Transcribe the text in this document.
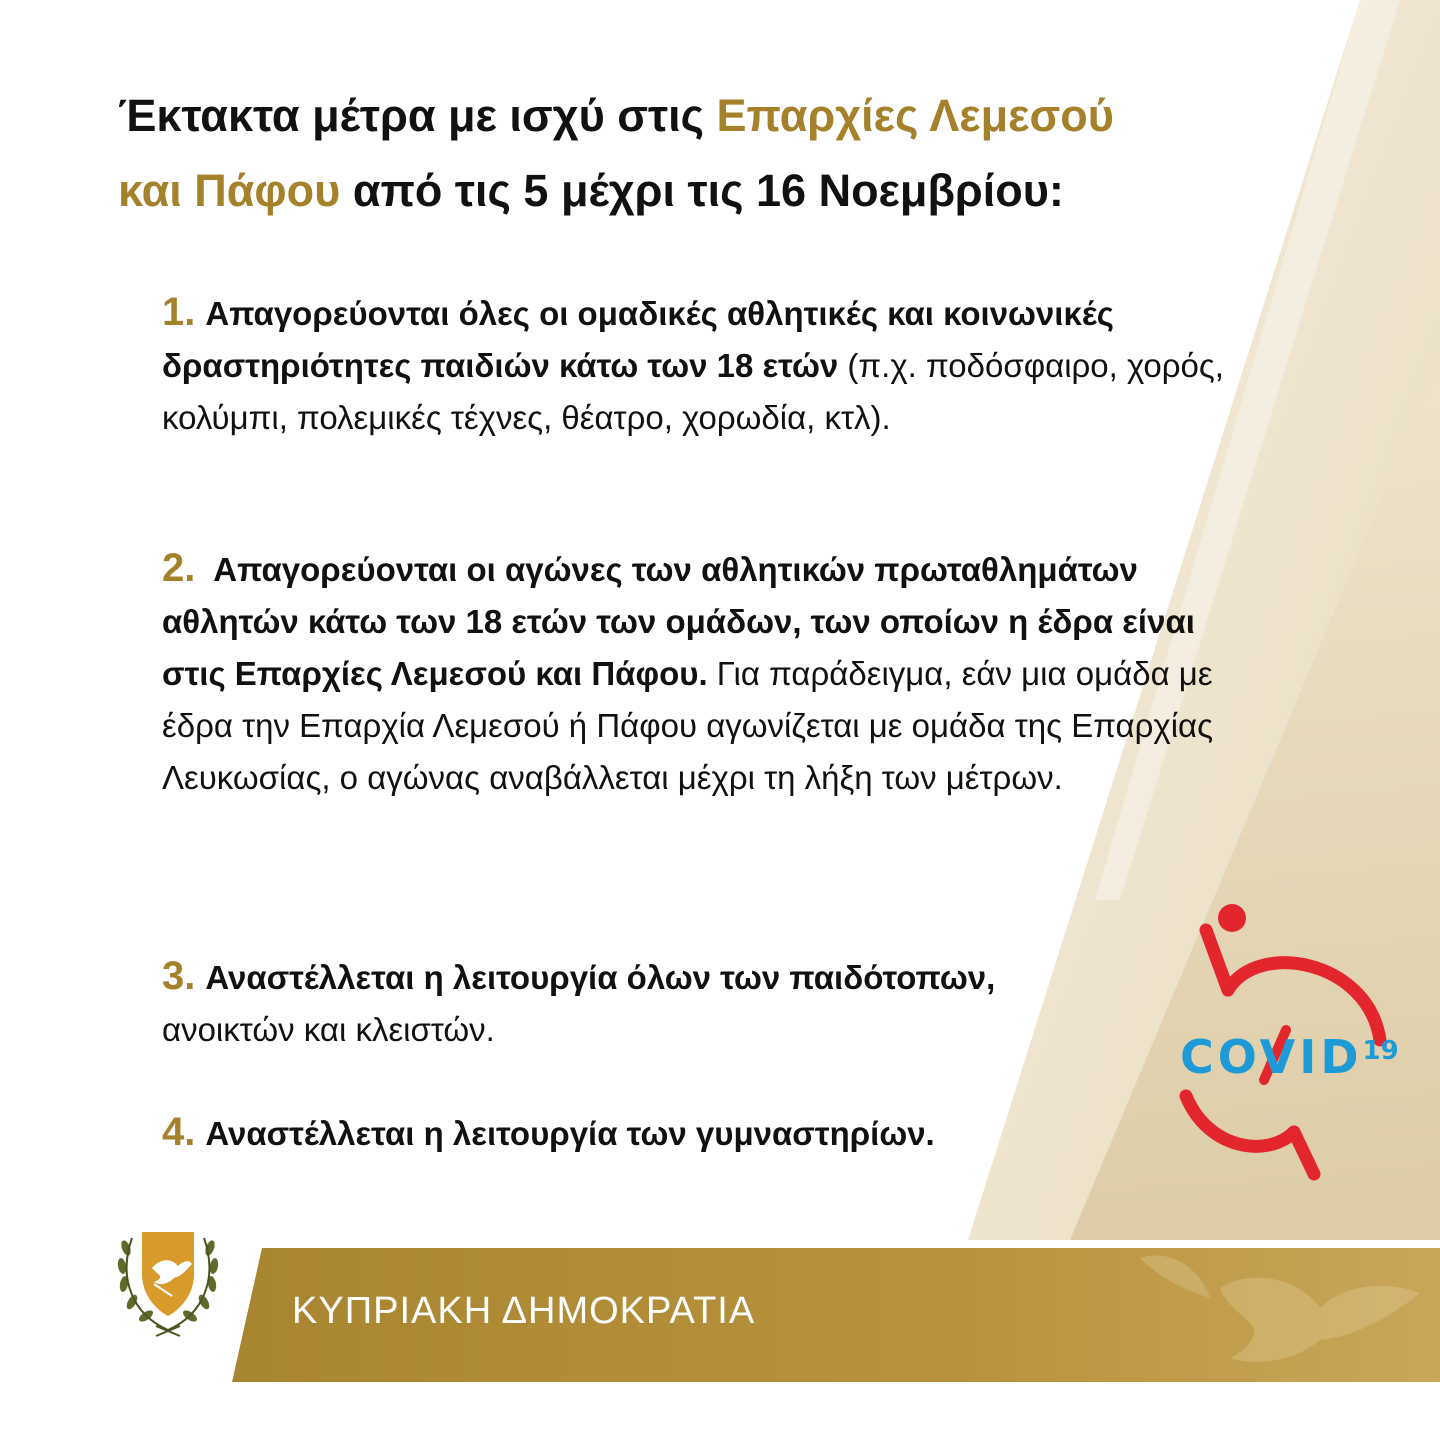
Έκτακτα μέτρα με ισχύ στις Επαρχίες Λεμεσού
και Πάφου από τις 5 μέχρι τις 16 Νοεμβρίου:

1. Απαγορεύονται όλες οι ομαδικές αθλητικές και κοινωνικές δραστηριότητες παιδιών κάτω των 18 ετών (π.χ. ποδόσφαιρο, χορός, κολύμπι, πολεμικές τέχνες, θέατρο, χορωδία, κτλ).

2. Απαγορεύονται οι αγώνες των αθλητικών πρωταθλημάτων αθλητών κάτω των 18 ετών των ομάδων, των οποίων η έδρα είναι στις Επαρχίες Λεμεσού και Πάφου. Για παράδειγμα, εάν μια ομάδα με έδρα την Επαρχία Λεμεσού ή Πάφου αγωνίζεται με ομάδα της Επαρχίας Λευκωσίας, ο αγώνας αναβάλλεται μέχρι τη λήξη των μέτρων.

3. Αναστέλλεται η λειτουργία όλων των παιδότοπων,
ανοικτών και κλειστών.

4. Αναστέλλεται η λειτουργία των γυμναστηρίων.

COVID$^{19}$

ΚΥΠΡΙΑΚΗ ΔΗΜΟΚΡΑΤΙΑ
